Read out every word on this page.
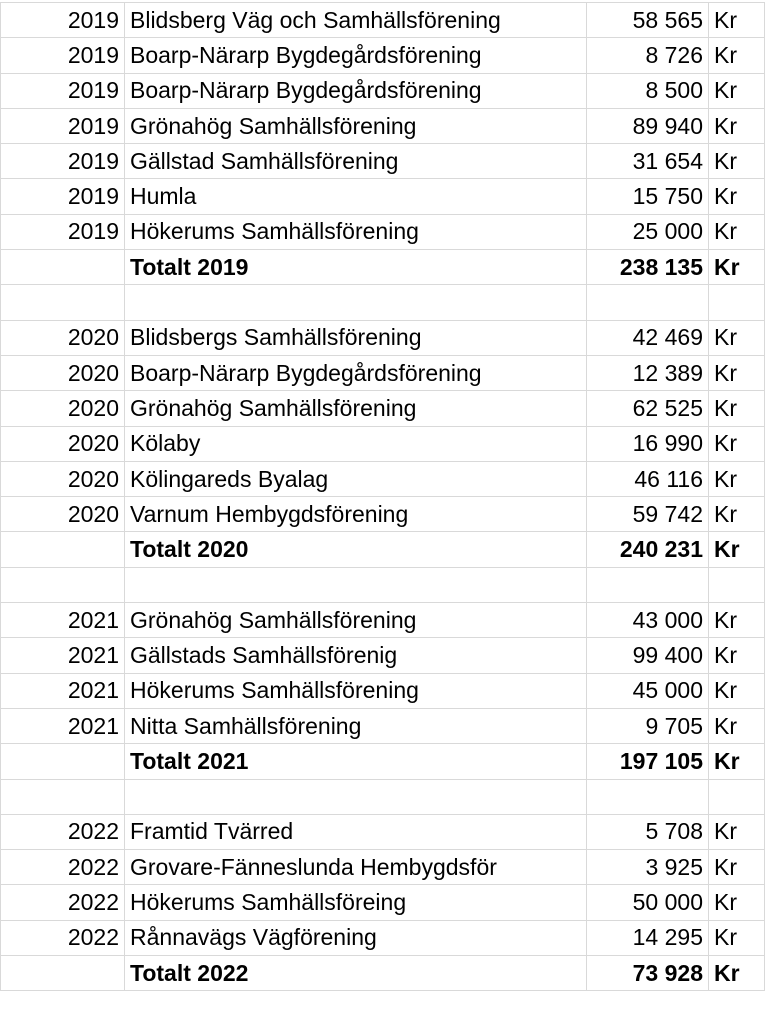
2019	Blidsberg Väg och Samhällsförening	58 565	Kr
2019	Boarp-Närarp Bygdegårdsförening	8 726	Kr
2019	Boarp-Närarp Bygdegårdsförening	8 500	Kr
2019	Grönahög Samhällsförening	89 940	Kr
2019	Gällstad Samhällsförening	31 654	Kr
2019	Humla	15 750	Kr
2019	Hökerums Samhällsförening	25 000	Kr
	Totalt 2019	238 135	Kr

2020	Blidsbergs Samhällsförening	42 469	Kr
2020	Boarp-Närarp Bygdegårdsförening	12 389	Kr
2020	Grönahög Samhällsförening	62 525	Kr
2020	Kölaby	16 990	Kr
2020	Kölingareds Byalag	46 116	Kr
2020	Varnum Hembygdsförening	59 742	Kr
	Totalt 2020	240 231	Kr

2021	Grönahög Samhällsförening	43 000	Kr
2021	Gällstads Samhällsförenig	99 400	Kr
2021	Hökerums Samhällsförening	45 000	Kr
2021	Nitta Samhällsförening	9 705	Kr
	Totalt 2021	197 105	Kr

2022	Framtid Tvärred	5 708	Kr
2022	Grovare-Fänneslunda Hembygdsför	3 925	Kr
2022	Hökerums Samhällsföreing	50 000	Kr
2022	Rånnavägs Vägförening	14 295	Kr
	Totalt 2022	73 928	Kr
